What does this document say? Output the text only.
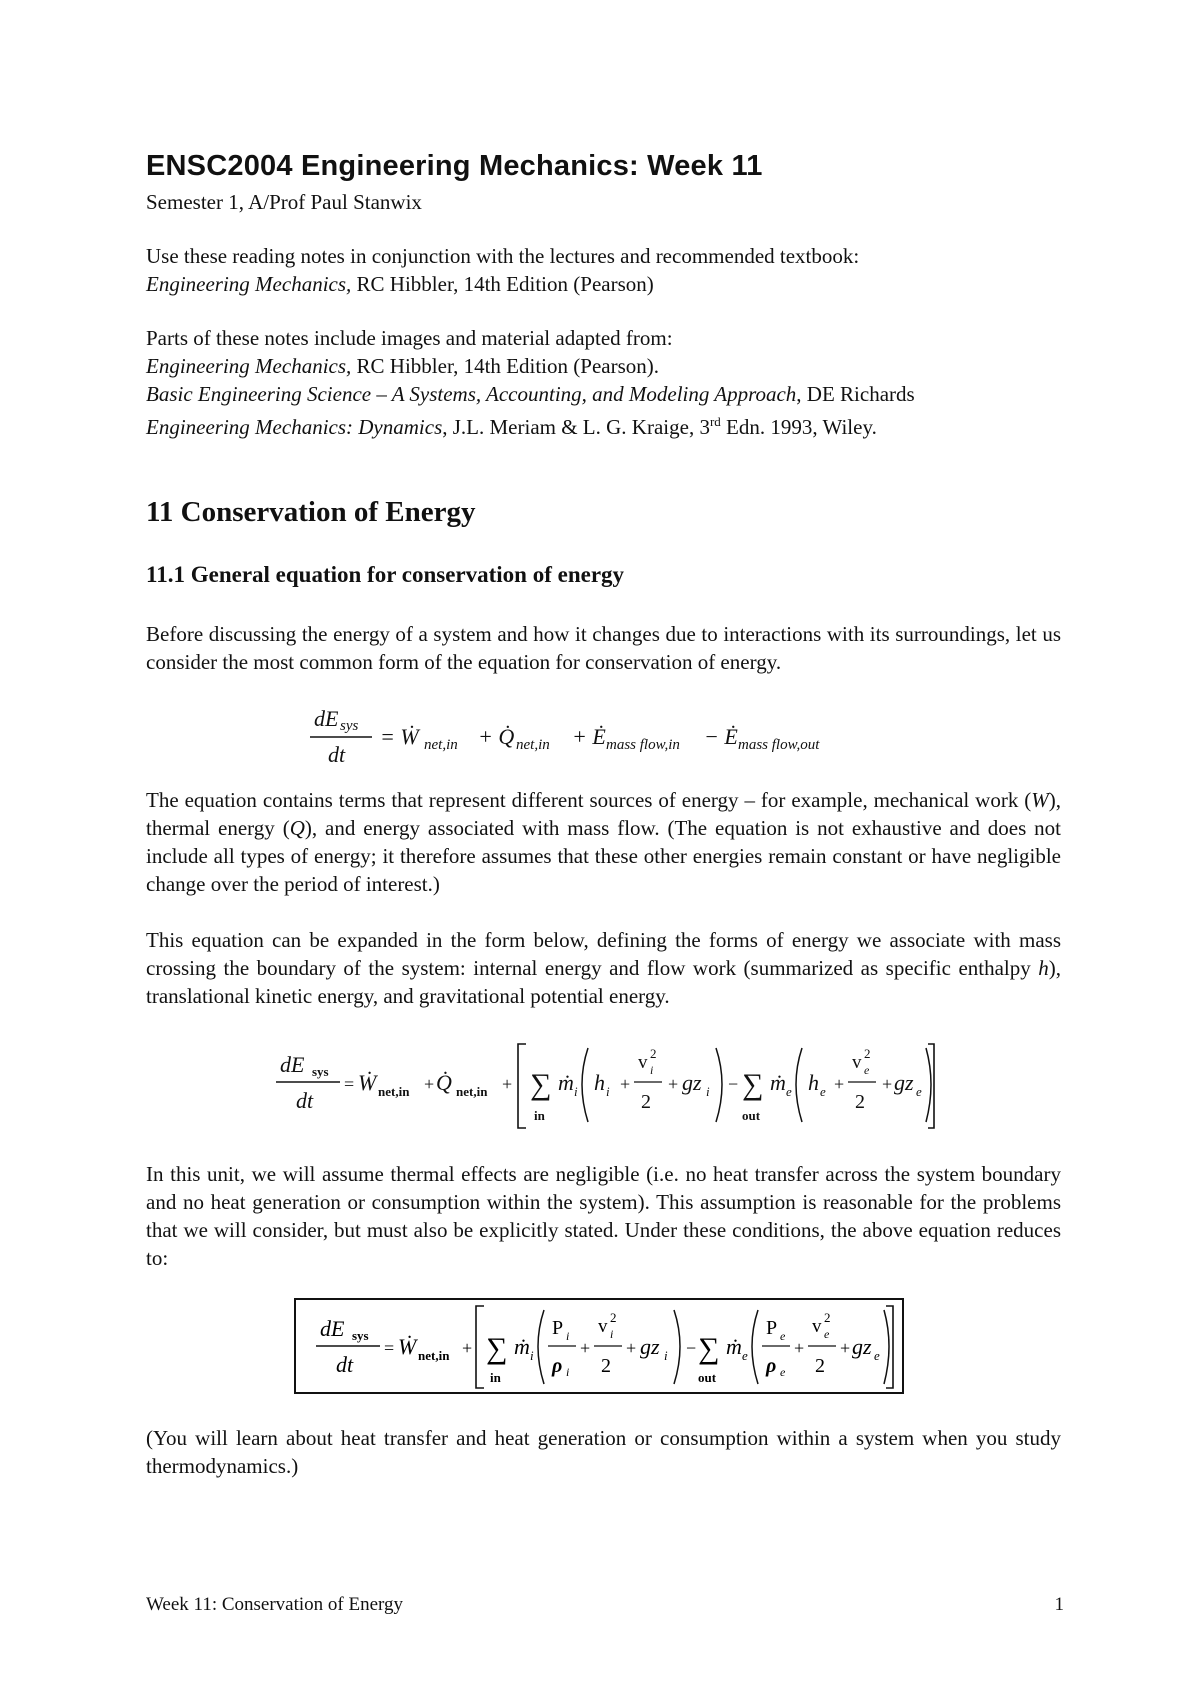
ENSC2004 Engineering Mechanics: Week 11
Semester 1, A/Prof Paul Stanwix
Use these reading notes in conjunction with the lectures and recommended textbook:
Engineering Mechanics, RC Hibbler, 14th Edition (Pearson)
Parts of these notes include images and material adapted from:
Engineering Mechanics, RC Hibbler, 14th Edition (Pearson).
Basic Engineering Science – A Systems, Accounting, and Modeling Approach, DE Richards
Engineering Mechanics: Dynamics, J.L. Meriam & L. G. Kraige, 3rd Edn. 1993, Wiley.
11 Conservation of Energy
11.1 General equation for conservation of energy
Before discussing the energy of a system and how it changes due to interactions with its surroundings, let us consider the most common form of the equation for conservation of energy.
dE sys
dt
= Ẇ net,in + Q̇ net,in + Ė mass flow,in − Ė mass flow,out
The equation contains terms that represent different sources of energy – for example, mechanical work (W), thermal energy (Q), and energy associated with mass flow. (The equation is not exhaustive and does not include all types of energy; it therefore assumes that these other energies remain constant or have negligible change over the period of interest.)
This equation can be expanded in the form below, defining the forms of energy we associate with mass crossing the boundary of the system: internal energy and flow work (summarized as specific enthalpy h), translational kinetic energy, and gravitational potential energy.
dE sys
dt
= Ẇ net,in + Q̇ net,in + ∑
in
ṁ i h i +
v 2
i
2
+ gz i − ∑
out
ṁ e h e +
v 2
e
2
+ gz e
In this unit, we will assume thermal effects are negligible (i.e. no heat transfer across the system boundary and no heat generation or consumption within the system). This assumption is reasonable for the problems that we will consider, but must also be explicitly stated. Under these conditions, the above equation reduces to:
dE sys
dt
= Ẇ net,in + ∑
in
ṁ i
P i
ρ i
+
v 2
i
2
+ gz i − ∑
out
ṁ e
P e
ρ e
+
v 2
e
2
+ gz e
(You will learn about heat transfer and heat generation or consumption within a system when you study thermodynamics.)
Week 11: Conservation of Energy	1
